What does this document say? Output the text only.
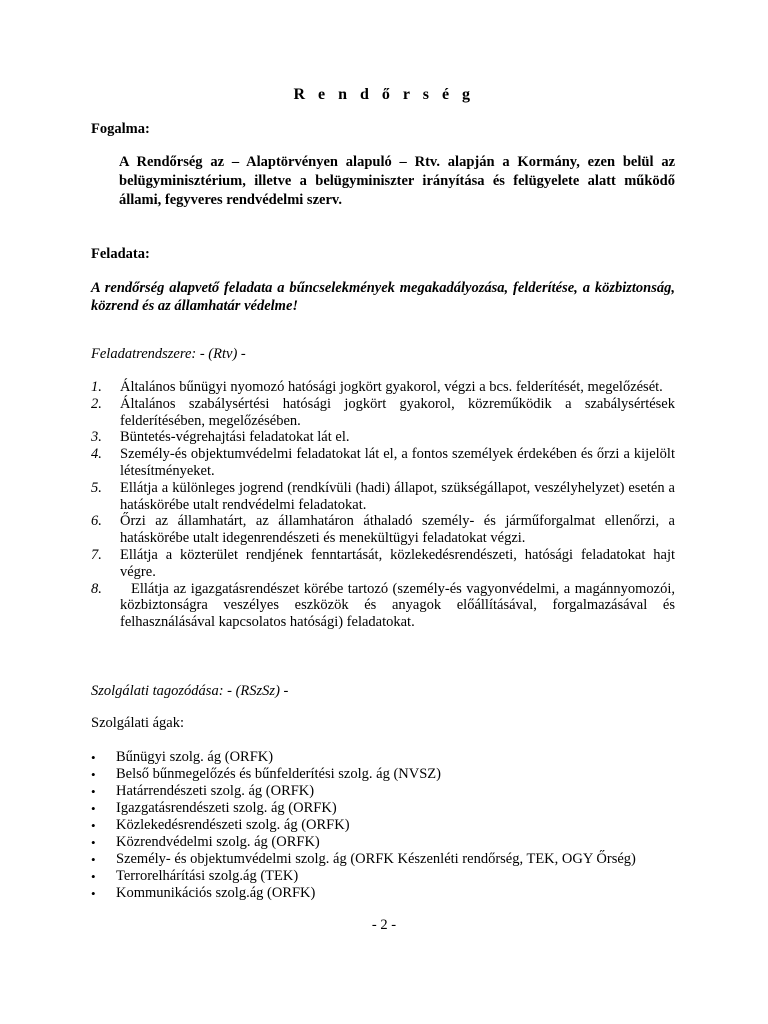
R e n d ő r s é g
Fogalma:
A Rendőrség az – Alaptörvényen alapuló – Rtv. alapján a Kormány, ezen belül az belügyminisztérium, illetve a belügyminiszter irányítása és felügyelete alatt működő állami, fegyveres rendvédelmi szerv.
Feladata:
A rendőrség alapvető feladata a bűncselekmények megakadályozása, felderítése, a közbiztonság, közrend és az államhatár védelme!
Feladatrendszere: - (Rtv) -
1. Általános bűnügyi nyomozó hatósági jogkört gyakorol, végzi a bcs. felderítését, megelőzését.
2. Általános szabálysértési hatósági jogkört gyakorol, közreműködik a szabálysértések felderítésében, megelőzésében.
3. Büntetés-végrehajtási feladatokat lát el.
4. Személy-és objektumvédelmi feladatokat lát el, a fontos személyek érdekében és őrzi a kijelölt létesítményeket.
5. Ellátja a különleges jogrend (rendkívüli (hadi) állapot, szükségállapot, veszélyhelyzet) esetén a hatáskörébe utalt rendvédelmi feladatokat.
6. Őrzi az államhatárt, az államhatáron áthaladó személy- és járműforgalmat ellenőrzi, a hatáskörébe utalt idegenrendészeti és menekültügyi feladatokat végzi.
7. Ellátja a közterület rendjének fenntartását, közlekedésrendészeti, hatósági feladatokat hajt végre.
8.	Ellátja az igazgatásrendészet körébe tartozó (személy-és vagyonvédelmi, a magánnyomozói, közbiztonságra veszélyes eszközök és anyagok előállításával, forgalmazásával és felhasználásával kapcsolatos hatósági) feladatokat.
Szolgálati tagozódása: - (RSzSz) -
Szolgálati ágak:
• Bűnügyi szolg. ág (ORFK)
• Belső bűnmegelőzés és bűnfelderítési szolg. ág (NVSZ)
• Határrendészeti szolg. ág (ORFK)
• Igazgatásrendészeti szolg. ág (ORFK)
• Közlekedésrendészeti szolg. ág (ORFK)
• Közrendvédelmi szolg. ág (ORFK)
• Személy- és objektumvédelmi szolg. ág (ORFK Készenléti rendőrség, TEK, OGY Őrség)
• Terrorelhárítási szolg.ág (TEK)
• Kommunikációs szolg.ág (ORFK)
- 2 -
